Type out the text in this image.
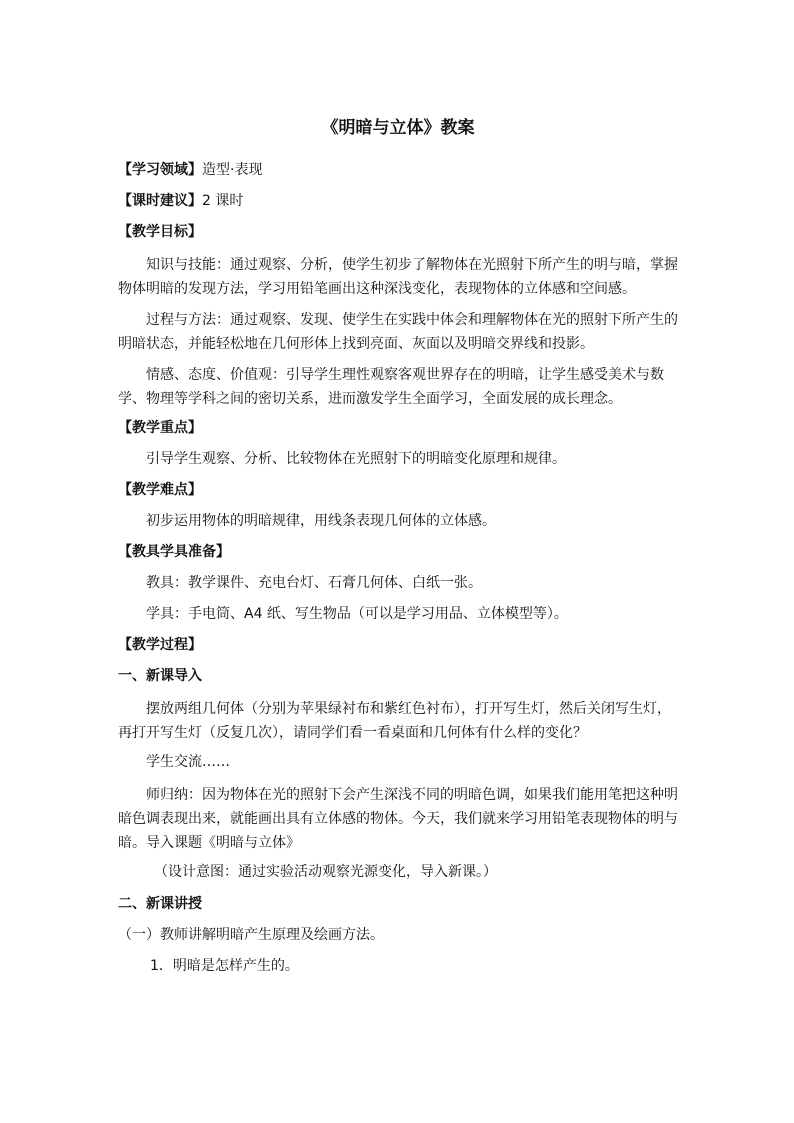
《明暗与立体》教案
【学习领域】造型·表现
【课时建议】2 课时
【教学目标】
知识与技能：通过观察、分析，使学生初步了解物体在光照射下所产生的明与暗，掌握物体明暗的发现方法，学习用铅笔画出这种深浅变化，表现物体的立体感和空间感。
过程与方法：通过观察、发现、使学生在实践中体会和理解物体在光的照射下所产生的明暗状态，并能轻松地在几何形体上找到亮面、灰面以及明暗交界线和投影。
情感、态度、价值观：引导学生理性观察客观世界存在的明暗，让学生感受美术与数学、物理等学科之间的密切关系，进而激发学生全面学习，全面发展的成长理念。
【教学重点】
引导学生观察、分析、比较物体在光照射下的明暗变化原理和规律。
【教学难点】
初步运用物体的明暗规律，用线条表现几何体的立体感。
【教具学具准备】
教具：教学课件、充电台灯、石膏几何体、白纸一张。
学具：手电筒、A4 纸、写生物品（可以是学习用品、立体模型等）。
【教学过程】
一、新课导入
摆放两组几何体（分别为苹果绿衬布和紫红色衬布），打开写生灯，然后关闭写生灯，再打开写生灯（反复几次），请同学们看一看桌面和几何体有什么样的变化？
学生交流……
师归纳：因为物体在光的照射下会产生深浅不同的明暗色调，如果我们能用笔把这种明暗色调表现出来，就能画出具有立体感的物体。今天，我们就来学习用铅笔表现物体的明与暗。导入课题《明暗与立体》
（设计意图：通过实验活动观察光源变化，导入新课。）
二、新课讲授
（一）教师讲解明暗产生原理及绘画方法。
1．明暗是怎样产生的。
